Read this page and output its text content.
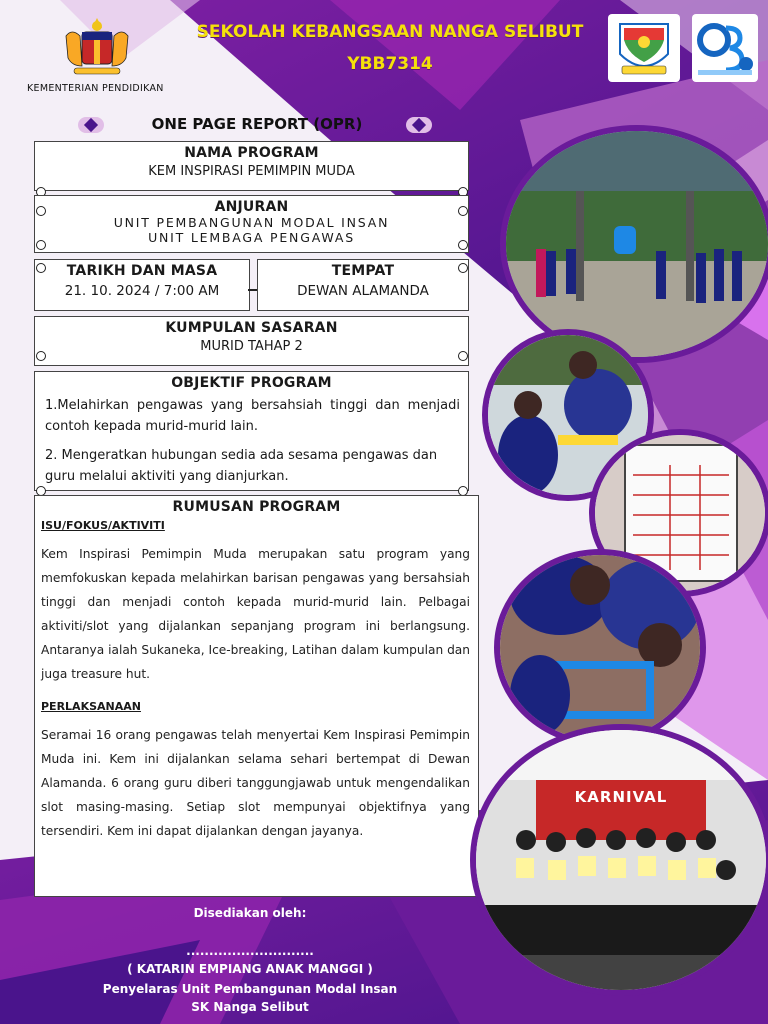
KEMENTERIAN PENDIDIKAN
SEKOLAH KEBANGSAAN NANGA SELIBUT
YBB7314
ONE PAGE REPORT (OPR)
NAMA PROGRAM
KEM INSPIRASI PEMIMPIN MUDA
ANJURAN
UNIT PEMBANGUNAN MODAL INSAN
UNIT LEMBAGA PENGAWAS
TARIKH DAN MASA
21. 10. 2024 / 7:00 AM
TEMPAT
DEWAN ALAMANDA
KUMPULAN SASARAN
MURID TAHAP 2
OBJEKTIF PROGRAM
1.Melahirkan pengawas yang bersahsiah tinggi dan menjadi contoh kepada murid-murid lain.
2. Mengeratkan hubungan sedia ada sesama pengawas dan guru melalui aktiviti yang dianjurkan.
RUMUSAN PROGRAM
ISU/FOKUS/AKTIVITI
Kem Inspirasi Pemimpin Muda merupakan satu program yang memfokuskan kepada melahirkan barisan pengawas yang bersahsiah tinggi dan menjadi contoh kepada murid-murid lain. Pelbagai aktiviti/slot yang dijalankan sepanjang program ini berlangsung. Antaranya ialah Sukaneka, Ice-breaking, Latihan dalam kumpulan dan juga treasure hut.
PERLAKSANAAN
Seramai 16 orang pengawas telah menyertai Kem Inspirasi Pemimpin Muda ini. Kem ini dijalankan selama sehari bertempat di Dewan Alamanda. 6 orang guru diberi tanggungjawab untuk mengendalikan slot masing-masing. Setiap slot mempunyai objektifnya yang tersendiri. Kem ini dapat dijalankan dengan jayanya.
KARNIVAL
Disediakan oleh:
............................
( KATARIN EMPIANG ANAK MANGGI )
Penyelaras Unit Pembangunan Modal Insan
SK Nanga Selibut
